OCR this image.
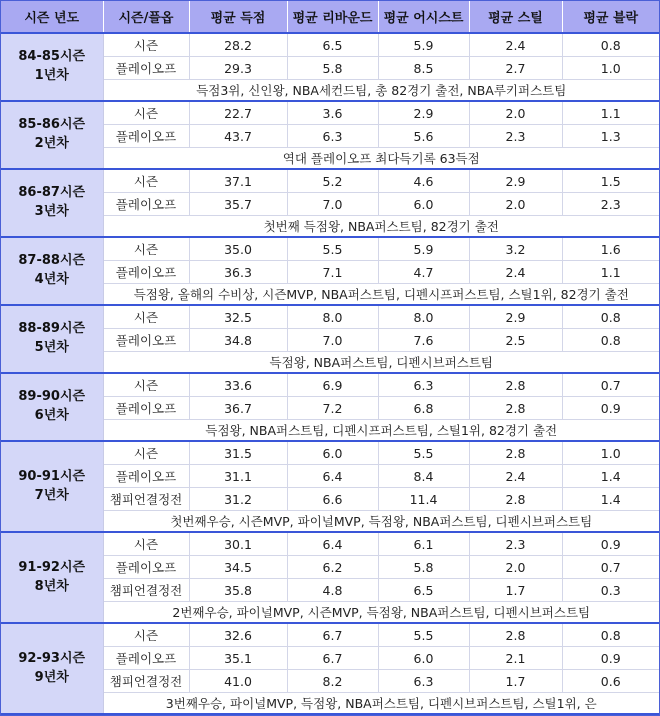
시즌 년도	시즌/플옵	평균 득점	평균 리바운드	평균 어시스트	평균 스틸	평균 블락

84-85시즌
1년차	시즌	28.2	6.5	5.9	2.4	0.8
	플레이오프	29.3	5.8	8.5	2.7	1.0
	득점3위, 신인왕, NBA세컨드팀, 총 82경기 출전, NBA루키퍼스트팀					

85-86시즌
2년차	시즌	22.7	3.6	2.9	2.0	1.1
	플레이오프	43.7	6.3	5.6	2.3	1.3
	역대 플레이오프 최다득기록 63득점					

86-87시즌
3년차	시즌	37.1	5.2	4.6	2.9	1.5
	플레이오프	35.7	7.0	6.0	2.0	2.3
	첫번째 득점왕, NBA퍼스트팀, 82경기 출전					

87-88시즌
4년차	시즌	35.0	5.5	5.9	3.2	1.6
	플레이오프	36.3	7.1	4.7	2.4	1.1
	득점왕, 올해의 수비상, 시즌MVP, NBA퍼스트팀, 디펜시프퍼스트팀, 스틸1위, 82경기 출전					

88-89시즌
5년차	시즌	32.5	8.0	8.0	2.9	0.8
	플레이오프	34.8	7.0	7.6	2.5	0.8
	득점왕, NBA퍼스트팀, 디펜시브퍼스트팀					

89-90시즌
6년차	시즌	33.6	6.9	6.3	2.8	0.7
	플레이오프	36.7	7.2	6.8	2.8	0.9
	득점왕, NBA퍼스트팀, 디펜시프퍼스트팀, 스틸1위, 82경기 출전					

90-91시즌
7년차	시즌	31.5	6.0	5.5	2.8	1.0
	플레이오프	31.1	6.4	8.4	2.4	1.4
	챔피언결정전	31.2	6.6	11.4	2.8	1.4
	첫번째우승, 시즌MVP, 파이널MVP, 득점왕, NBA퍼스트팀, 디펜시브퍼스트팀					

91-92시즌
8년차	시즌	30.1	6.4	6.1	2.3	0.9
	플레이오프	34.5	6.2	5.8	2.0	0.7
	챔피언결정전	35.8	4.8	6.5	1.7	0.3
	2번째우승, 파이널MVP, 시즌MVP, 득점왕, NBA퍼스트팀, 디펜시브퍼스트팀					

92-93시즌
9년차	시즌	32.6	6.7	5.5	2.8	0.8
	플레이오프	35.1	6.7	6.0	2.1	0.9
	챔피언결정전	41.0	8.2	6.3	1.7	0.6
	3번째우승, 파이널MVP, 득점왕, NBA퍼스트팀, 디펜시브퍼스트팀, 스틸1위, 은					
